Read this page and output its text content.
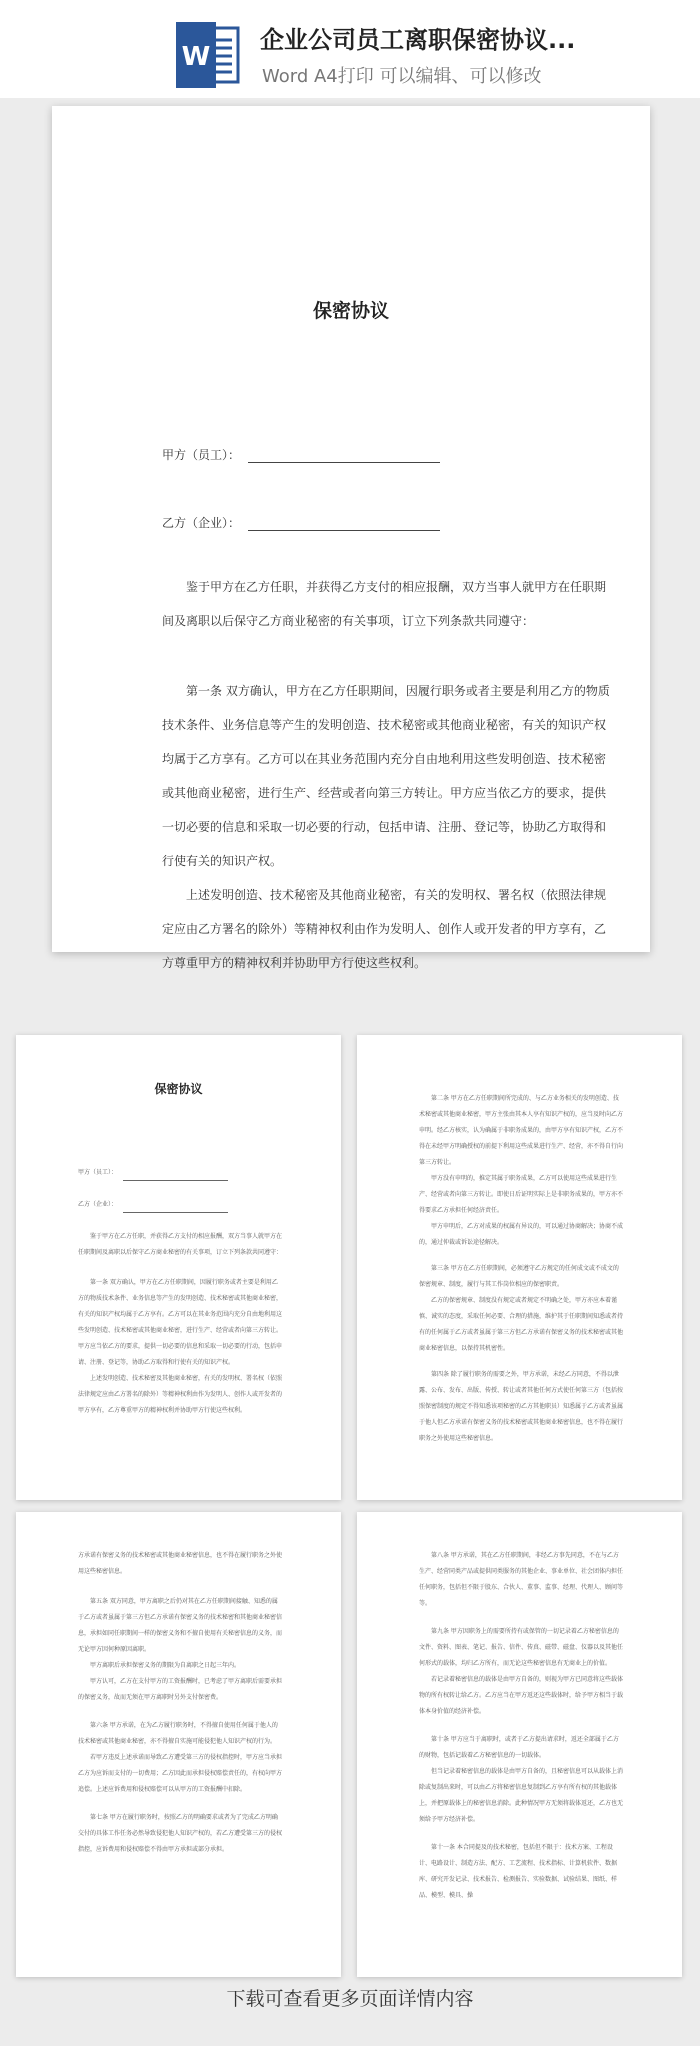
W
企业公司员工离职保密协议...
Word A4打印 可以编辑、可以修改
保密协议
甲方（员工）：
乙方（企业）：
鉴于甲方在乙方任职，并获得乙方支付的相应报酬，双方当事人就甲方在任职期间及离职以后保守乙方商业秘密的有关事项，订立下列条款共同遵守：
第一条 双方确认，甲方在乙方任职期间，因履行职务或者主要是利用乙方的物质技术条件、业务信息等产生的发明创造、技术秘密或其他商业秘密，有关的知识产权均属于乙方享有。乙方可以在其业务范围内充分自由地利用这些发明创造、技术秘密或其他商业秘密，进行生产、经营或者向第三方转让。甲方应当依乙方的要求，提供一切必要的信息和采取一切必要的行动，包括申请、注册、登记等，协助乙方取得和行使有关的知识产权。
上述发明创造、技术秘密及其他商业秘密，有关的发明权、署名权（依照法律规定应由乙方署名的除外）等精神权利由作为发明人、创作人或开发者的甲方享有，乙方尊重甲方的精神权利并协助甲方行使这些权利。
保密协议
甲方（员工）：
乙方（企业）：
鉴于甲方在乙方任职，并获得乙方支付的相应报酬，双方当事人就甲方在任职期间及离职以后保守乙方商业秘密的有关事项，订立下列条款共同遵守：
第一条 双方确认，甲方在乙方任职期间，因履行职务或者主要是利用乙方的物质技术条件、业务信息等产生的发明创造、技术秘密或其他商业秘密，有关的知识产权均属于乙方享有。乙方可以在其业务范围内充分自由地利用这些发明创造、技术秘密或其他商业秘密，进行生产、经营或者向第三方转让。甲方应当依乙方的要求，提供一切必要的信息和采取一切必要的行动，包括申请、注册、登记等，协助乙方取得和行使有关的知识产权。
上述发明创造、技术秘密及其他商业秘密，有关的发明权、署名权（依照法律规定应由乙方署名的除外）等精神权利由作为发明人、创作人或开发者的甲方享有，乙方尊重甲方的精神权利并协助甲方行使这些权利。
第二条 甲方在乙方任职期间所完成的、与乙方业务相关的发明创造、技术秘密或其他商业秘密，甲方主张由其本人享有知识产权的，应当及时向乙方申明。经乙方核实，认为确属于非职务成果的，由甲方享有知识产权，乙方不得在未经甲方明确授权的前提下利用这些成果进行生产、经营，亦不得自行向第三方转让。
甲方没有申明的，推定其属于职务成果，乙方可以使用这些成果进行生产、经营或者向第三方转让。即使日后证明实际上是非职务成果的，甲方亦不得要求乙方承担任何经济责任。
甲方申明后，乙方对成果的权属有异议的，可以通过协商解决；协商不成的，通过仲裁或诉讼途径解决。
第三条 甲方在乙方任职期间，必须遵守乙方规定的任何成文或不成文的保密规章、制度，履行与其工作岗位相应的保密职责。
乙方的保密规章、制度没有规定或者规定不明确之处，甲方亦应本着谨慎、诚实的态度，采取任何必要、合理的措施，维护其于任职期间知悉或者持有的任何属于乙方或者虽属于第三方但乙方承诺有保密义务的技术秘密或其他商业秘密信息，以保持其机密性。
第四条 除了履行职务的需要之外，甲方承诺，未经乙方同意，不得以泄露、公布、发布、出版、传授、转让或者其他任何方式使任何第三方（包括按照保密制度的规定不得知悉该项秘密的乙方其他职员）知悉属于乙方或者虽属于他人但乙方承诺有保密义务的技术秘密或其他商业秘密信息，也不得在履行职务之外使用这些秘密信息。
方承诺有保密义务的技术秘密或其他商业秘密信息，也不得在履行职务之外使用这些秘密信息。
第五条 双方同意，甲方离职之后仍对其在乙方任职期间接触、知悉的属于乙方或者虽属于第三方但乙方承诺有保密义务的技术秘密和其他商业秘密信息，承担如同任职期间一样的保密义务和不擅自使用有关秘密信息的义务，而无论甲方因何种原因离职。
甲方离职后承担保密义务的期限为自离职之日起三年内。
甲方认可，乙方在支付甲方的工资报酬时，已考虑了甲方离职后需要承担的保密义务，故而无须在甲方离职时另外支付保密费。
第六条 甲方承诺，在为乙方履行职务时，不得擅自使用任何属于他人的技术秘密或其他商业秘密，亦不得擅自实施可能侵犯他人知识产权的行为。
若甲方违反上述承诺而导致乙方遭受第三方的侵权指控时，甲方应当承担乙方为应诉而支付的一切费用；乙方因此而承担侵权赔偿责任的，有权向甲方追偿。上述应诉费用和侵权赔偿可以从甲方的工资报酬中扣除。
第七条 甲方在履行职务时，按照乙方的明确要求或者为了完成乙方明确交付的具体工作任务必然导致侵犯他人知识产权的，若乙方遭受第三方的侵权指控，应诉费用和侵权赔偿不得由甲方承担或部分承担。
第八条 甲方承诺，其在乙方任职期间，非经乙方事先同意，不在与乙方生产、经营同类产品或提供同类服务的其他企业、事业单位、社会团体内担任任何职务，包括但不限于股东、合伙人、董事、监事、经理、代理人、顾问等等。
第九条 甲方因职务上的需要所持有或保管的一切记录着乙方秘密信息的文件、资料、图表、笔记、报告、信件、传真、磁带、磁盘、仪器以及其他任何形式的载体，均归乙方所有，而无论这些秘密信息有无商业上的价值。
若记录着秘密信息的载体是由甲方自备的，则视为甲方已同意将这些载体物的所有权转让给乙方。乙方应当在甲方返还这些载体时，给予甲方相当于载体本身价值的经济补偿。
第十条 甲方应当于离职时，或者于乙方提出请求时，返还全部属于乙方的财物，包括记载着乙方秘密信息的一切载体。
但当记录着秘密信息的载体是由甲方自备的，且秘密信息可以从载体上消除或复制出来时，可以由乙方将秘密信息复制到乙方享有所有权的其他载体上，并把原载体上的秘密信息消除。此种情况甲方无须将载体返还，乙方也无须给予甲方经济补偿。
第十一条 本合同提及的技术秘密，包括但不限于：技术方案、工程设计、电路设计、制造方法、配方、工艺流程、技术指标、计算机软件、数据库、研究开发记录、技术报告、检测报告、实验数据、试验结果、图纸、样品、模型、模具、操
下载可查看更多页面详情内容
